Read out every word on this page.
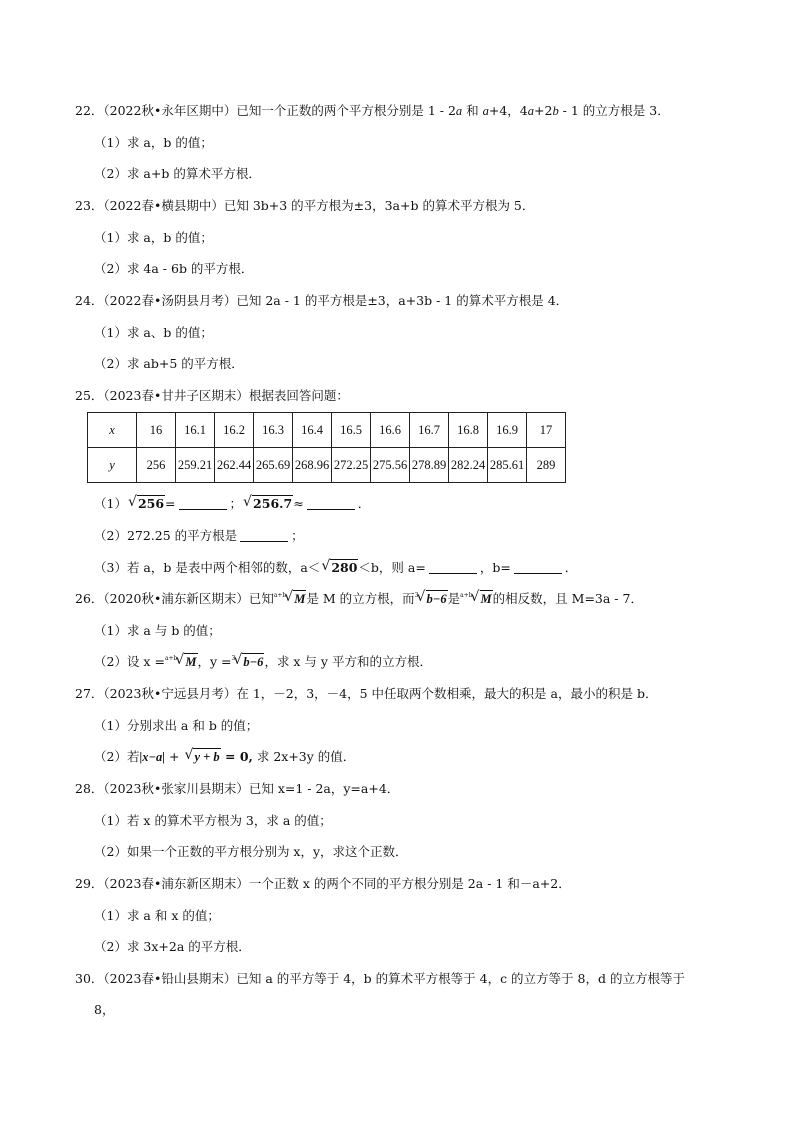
22．（2022秋•永年区期中）已知一个正数的两个平方根分别是 1 - 2a 和 a+4，4a+2b - 1 的立方根是 3．
（1）求 a，b 的值；
（2）求 a+b 的算术平方根．
23．（2022春•横县期中）已知 3b+3 的平方根为±3，3a+b 的算术平方根为 5．
（1）求 a，b 的值；
（2）求 4a - 6b 的平方根．
24．（2022春•汤阴县月考）已知 2a - 1 的平方根是±3，a+3b - 1 的算术平方根是 4．
（1）求 a、b 的值；
（2）求 ab+5 的平方根．
25．（2023春•甘井子区期末）根据表回答问题：
x	16	16.1	16.2	16.3	16.4	16.5	16.6	16.7	16.8	16.9	17
y	256	259.21	262.44	265.69	268.96	272.25	275.56	278.89	282.24	285.61	289
（1） √ 256=	； √ 256.7≈	．
（2）272.25 的平方根是	；
（3）若 a，b 是表中两个相邻的数，a＜ √ 280＜b，则 a=	，b=	．
26．（2020秋•浦东新区期末）已知$^{a+b}$ √ M是 M 的立方根，而$^3$ √ b−6是$^{a+b}$ √ M的相反数，且 M=3a - 7．
（1）求 a 与 b 的值；
（2）设 x =$^{a+b}$ √ M，y =$^3$ √ b−6，求 x 与 y 平方和的立方根．
27．（2023秋•宁远县月考）在 1，－2，3，－4，5 中任取两个数相乘，最大的积是 a，最小的积是 b．
（1）分别求出 a 和 b 的值；
（2）若|x−a| + √ y + b = 0, 求 2x+3y 的值．
28．（2023秋•张家川县期末）已知 x=1 - 2a，y=a+4．
（1）若 x 的算术平方根为 3，求 a 的值；
（2）如果一个正数的平方根分别为 x，y，求这个正数．
29．（2023春•浦东新区期末）一个正数 x 的两个不同的平方根分别是 2a - 1 和－a+2．
（1）求 a 和 x 的值；
（2）求 3x+2a 的平方根．
30．（2023春•铅山县期末）已知 a 的平方等于 4，b 的算术平方根等于 4，c 的立方等于 8，d 的立方根等于
8，
